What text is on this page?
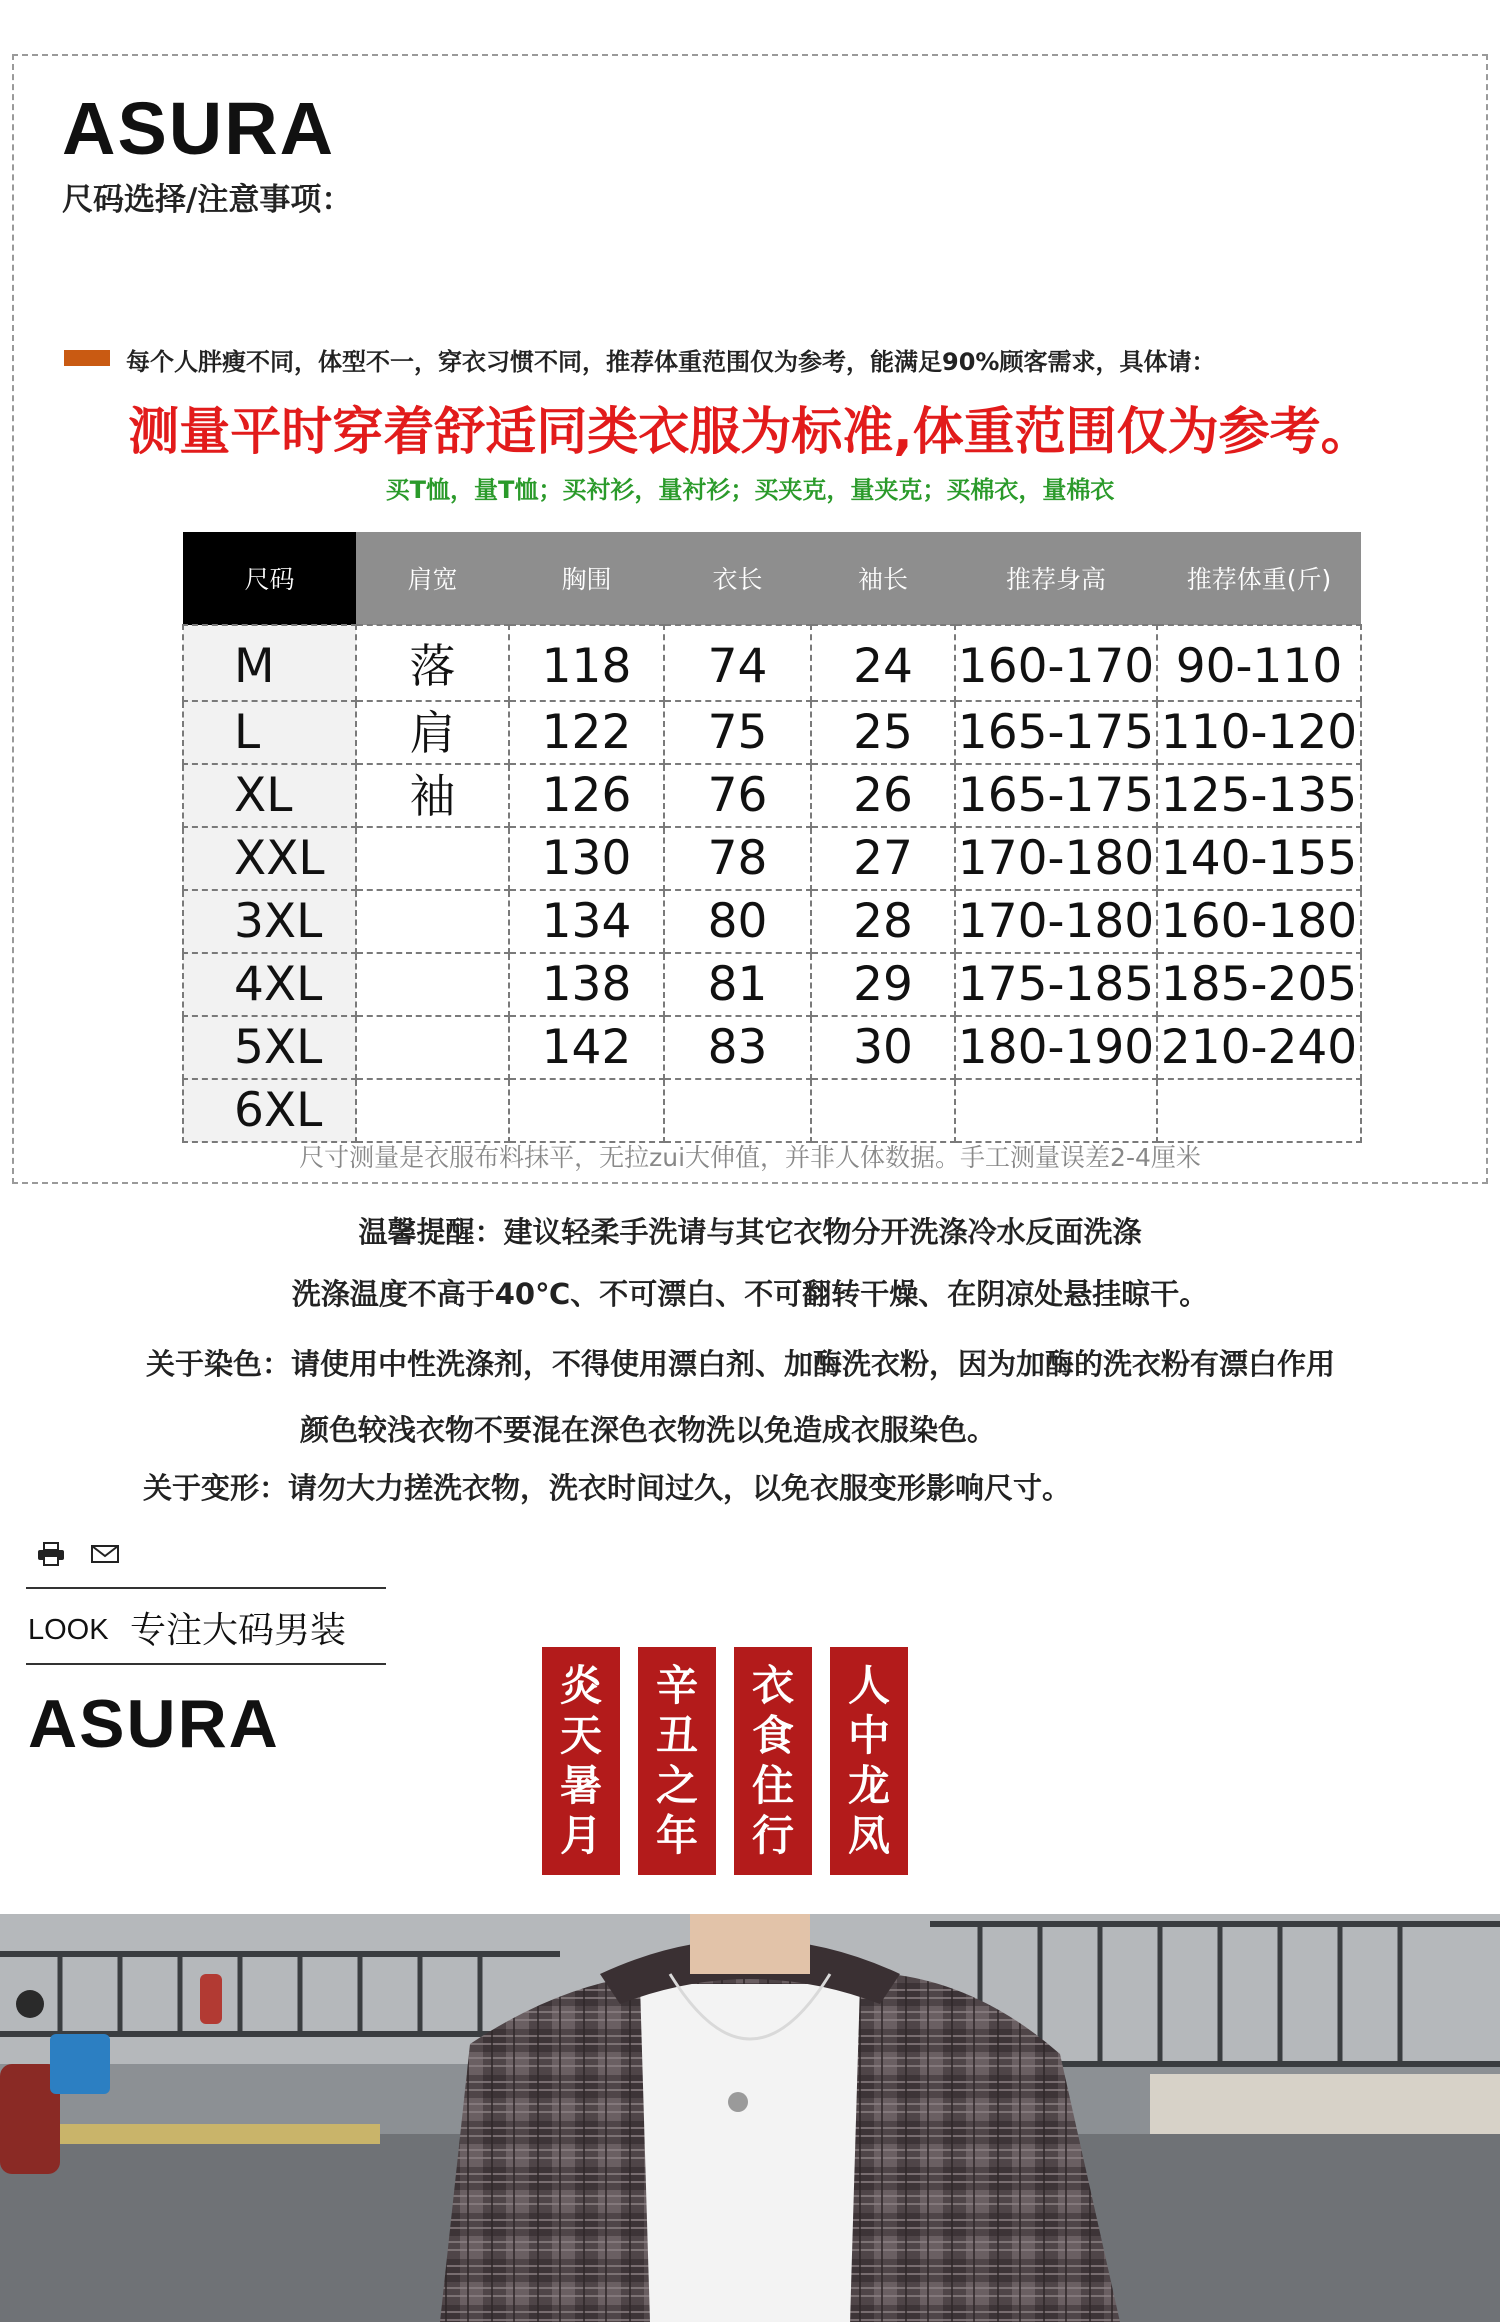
ASURA
尺码选择/注意事项：
每个人胖瘦不同，体型不一，穿衣习惯不同，推荐体重范围仅为参考，能满足90%顾客需求，具体请：
测量平时穿着舒适同类衣服为标准,体重范围仅为参考。
买T恤，量T恤；买衬衫，量衬衫；买夹克，量夹克；买棉衣，量棉衣
尺码	肩宽	胸围	衣长	袖长	推荐身高	推荐体重(斤)
M	落	118	74	24	160-170	90-110
L	肩	122	75	25	165-175	110-120
XL	袖	126	76	26	165-175	125-135
XXL		130	78	27	170-180	140-155
3XL		134	80	28	170-180	160-180
4XL		138	81	29	175-185	185-205
5XL		142	83	30	180-190	210-240
6XL						
尺寸测量是衣服布料抹平，无拉zui大伸值，并非人体数据。手工测量误差2-4厘米
温馨提醒：建议轻柔手洗请与其它衣物分开洗涤冷水反面洗涤
洗涤温度不高于40℃、不可漂白、不可翻转干燥、在阴凉处悬挂晾干。
关于染色：请使用中性洗涤剂，不得使用漂白剂、加酶洗衣粉，因为加酶的洗衣粉有漂白作用
颜色较浅衣物不要混在深色衣物洗以免造成衣服染色。
关于变形：请勿大力搓洗衣物，洗衣时间过久，以免衣服变形影响尺寸。
LOOK 专注大码男装
ASURA
炎
天
暑
月
辛
丑
之
年
衣
食
住
行
人
中
龙
凤
